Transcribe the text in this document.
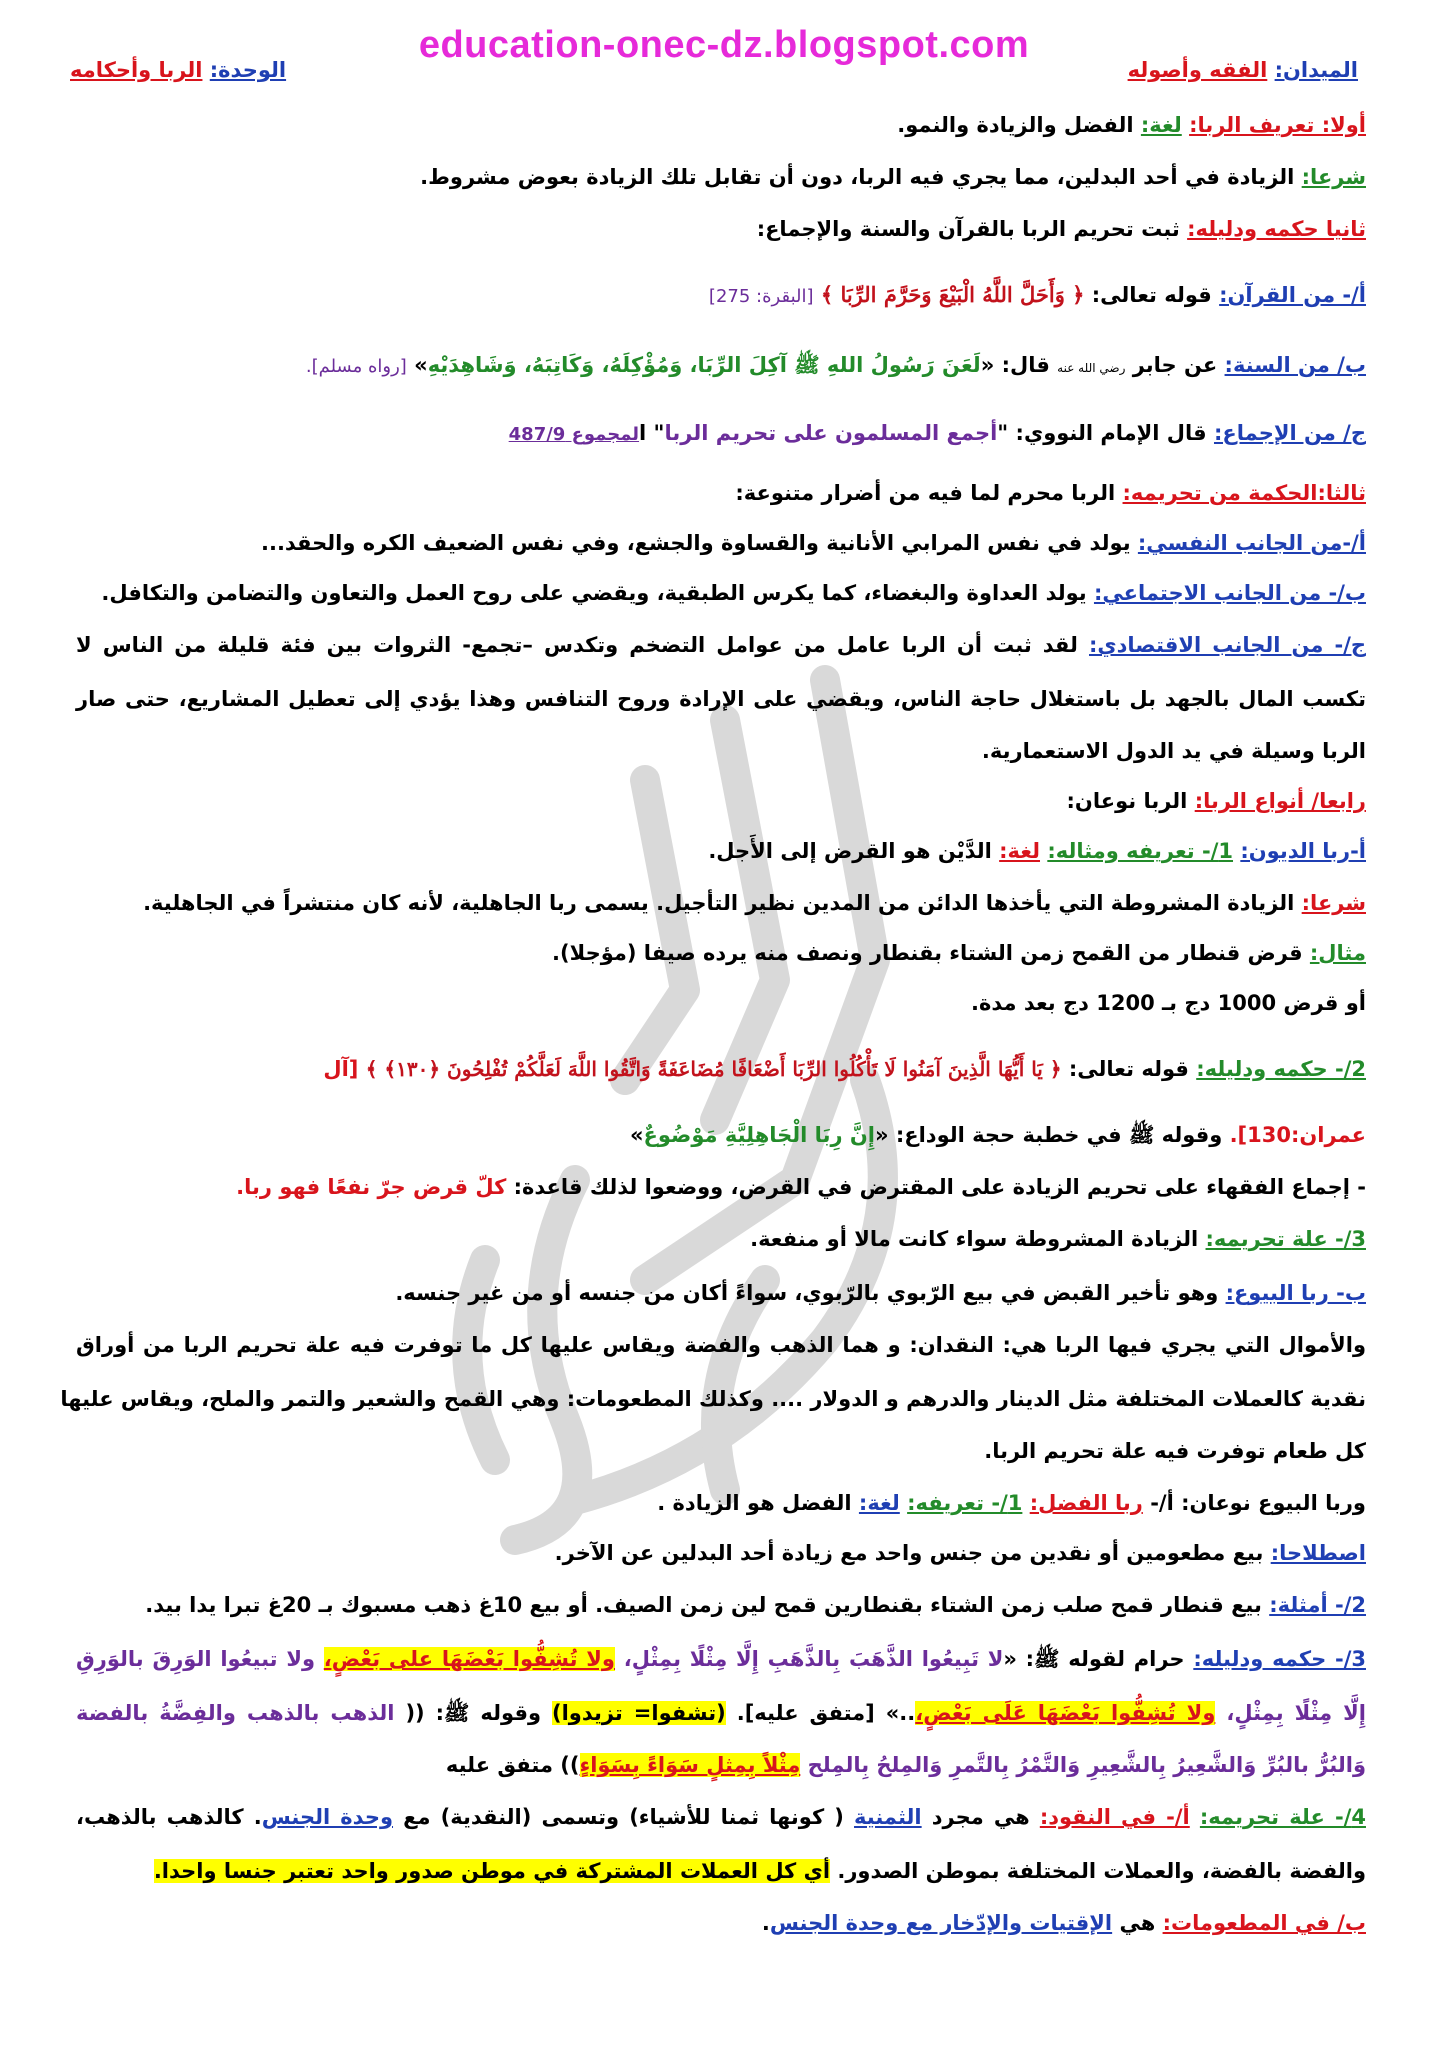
education-onec-dz.blogspot.com
الميدان: الفقه وأصوله
الوحدة: الربا وأحكامه
أولا: تعريف الربا: لغة: الفضل والزيادة والنمو.
شرعا: الزيادة في أحد البدلين، مما يجري فيه الربا، دون أن تقابل تلك الزيادة بعوض مشروط.
ثانيا حكمه ودليله: ثبت تحريم الربا بالقرآن والسنة والإجماع:
أ/- من القرآن: قوله تعالى: ﴿ وَأَحَلَّ اللَّهُ الْبَيْعَ وَحَرَّمَ الرِّبَا ﴾ [البقرة: 275]
ب/ من السنة: عن جابر رضي الله عنه قال: «لَعَنَ رَسُولُ اللهِ ﷺ آكِلَ الرِّبَا، وَمُؤْكِلَهُ، وَكَاتِبَهُ، وَشَاهِدَيْهِ» [رواه مسلم].
ج/ من الإجماع: قال الإمام النووي: "أجمع المسلمون على تحريم الربا" المجموع 487/9
ثالثا:الحكمة من تحريمه: الربا محرم لما فيه من أضرار متنوعة:
أ/-من الجانب النفسي: يولد في نفس المرابي الأنانية والقساوة والجشع، وفي نفس الضعيف الكره والحقد...
ب/- من الجانب الاجتماعي: يولد العداوة والبغضاء، كما يكرس الطبقية، ويقضي على روح العمل والتعاون والتضامن والتكافل.
ج/- من الجانب الاقتصادي: لقد ثبت أن الربا عامل من عوامل التضخم وتكدس –تجمع- الثروات بين فئة قليلة من الناس لا
تكسب المال بالجهد بل باستغلال حاجة الناس، ويقضي على الإرادة وروح التنافس وهذا يؤدي إلى تعطيل المشاريع، حتى صار
الربا وسيلة في يد الدول الاستعمارية.
رابعا/ أنواع الربا: الربا نوعان:
أ-ربا الديون: 1/- تعريفه ومثاله: لغة: الدَّيْن هو القرض إلى الأَجل.
شرعا: الزيادة المشروطة التي يأخذها الدائن من المدين نظير التأجيل. يسمى ربا الجاهلية، لأنه كان منتشراً في الجاهلية.
مثال: قرض قنطار من القمح زمن الشتاء بقنطار ونصف منه يرده صيفا (مؤجلا).
أو قرض 1000 دج بـ 1200 دج بعد مدة.
2/- حكمه ودليله: قوله تعالى: ﴿ يَا أَيُّهَا الَّذِينَ آمَنُوا لَا تَأْكُلُوا الرِّبَا أَضْعَافًا مُضَاعَفَةً وَاتَّقُوا اللَّهَ لَعَلَّكُمْ تُفْلِحُونَ ﴿١٣٠﴾ ﴾ [آل
عمران:130]. وقوله ﷺ في خطبة حجة الوداع: «إِنَّ رِبَا الْجَاهِلِيَّةِ مَوْضُوعٌ»
- إجماع الفقهاء على تحريم الزيادة على المقترض في القرض، ووضعوا لذلك قاعدة: كلّ قرض جرّ نفعًا فهو ربا.
3/- علة تحريمه: الزيادة المشروطة سواء كانت مالا أو منفعة.
ب- ربا البيوع: وهو تأخير القبض في بيع الرّبوي بالرّبوي، سواءً أكان من جنسه أو من غير جنسه.
والأموال التي يجري فيها الربا هي: النقدان: و هما الذهب والفضة ويقاس عليها كل ما توفرت فيه علة تحريم الربا من أوراق
نقدية كالعملات المختلفة مثل الدينار والدرهم و الدولار .... وكذلك المطعومات: وهي القمح والشعير والتمر والملح، ويقاس عليها
كل طعام توفرت فيه علة تحريم الربا.
وربا البيوع نوعان: أ/- ربا الفضل: 1/- تعريفه: لغة: الفضل هو الزيادة .
اصطلاحا: بيع مطعومين أو نقدين من جنس واحد مع زيادة أحد البدلين عن الآخر.
2/- أمثلة: بيع قنطار قمح صلب زمن الشتاء بقنطارين قمح لين زمن الصيف. أو بيع 10غ ذهب مسبوك بـ 20غ تبرا يدا بيد.
3/- حكمه ودليله: حرام لقوله ﷺ: «لا تَبِيعُوا الذَّهَبَ بِالذَّهَبِ إِلَّا مِثْلًا بِمِثْلٍ، ولا تُشِفُّوا بَعْضَهَا على بَعْضٍ، ولا تبيعُوا الوَرِقَ بالوَرِقِ
إِلَّا مِثْلًا بِمِثْلٍ، ولا تُشِفُّوا بَعْضَهَا عَلَى بَعْضٍ،..» [متفق عليه]. (تشفوا= تزيدوا) وقوله ﷺ: (( الذهب بالذهب والفِضَّةُ بالفضة
وَالبُرُّ بالبُرِّ وَالشَّعِيرُ بِالشَّعِيرِ وَالتَّمْرُ بِالتَّمرِ وَالمِلحُ بِالمِلح مِثْلاً بِمِثلٍ سَوَاءً بِسَوَاءٍ)) متفق عليه
4/- علة تحريمه: أ/- في النقود: هي مجرد الثمنية ( كونها ثمنا للأشياء) وتسمى (النقدية) مع وحدة الجنس. كالذهب بالذهب،
والفضة بالفضة، والعملات المختلفة بموطن الصدور. أي كل العملات المشتركة في موطن صدور واحد تعتبر جنسا واحدا.
ب/ في المطعومات: هي الإقتيات والإدّخار مع وحدة الجنس.
